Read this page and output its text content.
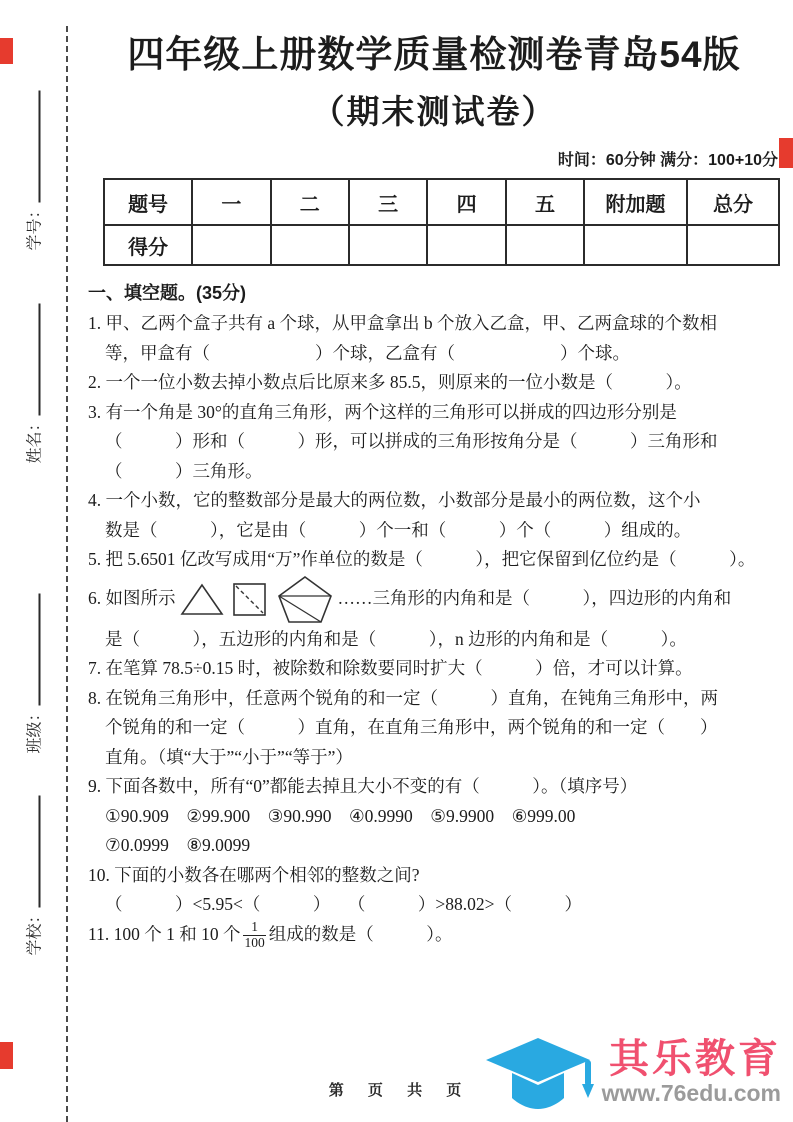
学号：
姓名：
班级：
学校：
四年级上册数学质量检测卷青岛54版
（期末测试卷）
时间：60分钟 满分：100+10分
题号	一	二	三	四	五	附加题	总分
得分							
一、填空题。(35分)
1. 甲、乙两个盒子共有 a 个球，从甲盒拿出 b 个放入乙盒，甲、乙两盒球的个数相
等，甲盒有（　　　　　　）个球，乙盒有（　　　　　　）个球。
2. 一个一位小数去掉小数点后比原来多 85.5，则原来的一位小数是（　　　）。
3. 有一个角是 30°的直角三角形，两个这样的三角形可以拼成的四边形分别是
（　　　）形和（　　　）形，可以拼成的三角形按角分是（　　　）三角形和
（　　　）三角形。
4. 一个小数，它的整数部分是最大的两位数，小数部分是最小的两位数，这个小
数是（　　　），它是由（　　　）个一和（　　　）个（　　　）组成的。
5. 把 5.6501 亿改写成用“万”作单位的数是（　　　），把它保留到亿位约是（　　　）。
6. 如图所示	……三角形的内角和是（　　　），四边形的内角和
是（　　　），五边形的内角和是（　　　），n 边形的内角和是（　　　）。
7. 在笔算 78.5÷0.15 时，被除数和除数要同时扩大（　　　）倍，才可以计算。
8. 在锐角三角形中，任意两个锐角的和一定（　　　）直角，在钝角三角形中，两
个锐角的和一定（　　　）直角，在直角三角形中，两个锐角的和一定（　　）
直角。（填“大于”“小于”“等于”）
9. 下面各数中，所有“0”都能去掉且大小不变的有（　　　）。（填序号）
①90.909　②99.900　③90.990　④0.9990　⑤9.9900　⑥999.00
⑦0.0999　⑧9.0099
10. 下面的小数各在哪两个相邻的整数之间?
（　　　）<5.95<（　　　）　　（　　　）>88.02>（　　　）
11. 100 个 1 和 10 个 $\frac{1}{100}$ 组成的数是（　　　）。
第 页 共 页
其乐教育
www.76edu.com
